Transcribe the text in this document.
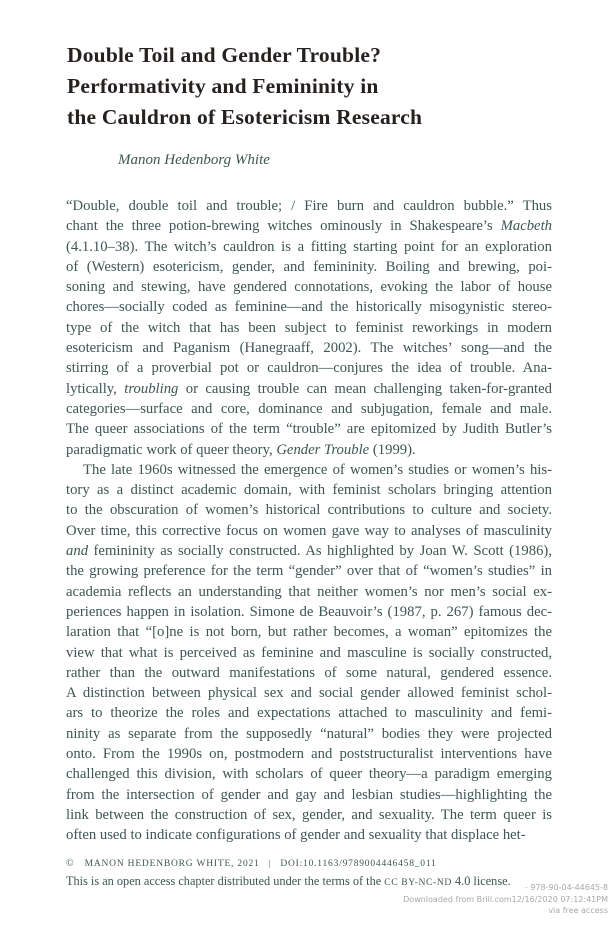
Double Toil and Gender Trouble?
Performativity and Femininity in
the Cauldron of Esotericism Research
Manon Hedenborg White
“Double, double toil and trouble; / Fire burn and cauldron bubble.” Thus
chant the three potion-brewing witches ominously in Shakespeare’s Macbeth
(4.1.10–38). The witch’s cauldron is a fitting starting point for an exploration
of (Western) esotericism, gender, and femininity. Boiling and brewing, poi-
soning and stewing, have gendered connotations, evoking the labor of house
chores—socially coded as feminine—and the historically misogynistic stereo-
type of the witch that has been subject to feminist reworkings in modern
esotericism and Paganism (Hanegraaff, 2002). The witches’ song—and the
stirring of a proverbial pot or cauldron—conjures the idea of trouble. Ana-
lytically, troubling or causing trouble can mean challenging taken-for-granted
categories—surface and core, dominance and subjugation, female and male.
The queer associations of the term “trouble” are epitomized by Judith Butler’s
paradigmatic work of queer theory, Gender Trouble (1999).
The late 1960s witnessed the emergence of women’s studies or women’s his-
tory as a distinct academic domain, with feminist scholars bringing attention
to the obscuration of women’s historical contributions to culture and society.
Over time, this corrective focus on women gave way to analyses of masculinity
and femininity as socially constructed. As highlighted by Joan W. Scott (1986),
the growing preference for the term “gender” over that of “women’s studies” in
academia reflects an understanding that neither women’s nor men’s social ex-
periences happen in isolation. Simone de Beauvoir’s (1987, p. 267) famous dec-
laration that “[o]ne is not born, but rather becomes, a woman” epitomizes the
view that what is perceived as feminine and masculine is socially constructed,
rather than the outward manifestations of some natural, gendered essence.
A distinction between physical sex and social gender allowed feminist schol-
ars to theorize the roles and expectations attached to masculinity and femi-
ninity as separate from the supposedly “natural” bodies they were projected
onto. From the 1990s on, postmodern and poststructuralist interventions have
challenged this division, with scholars of queer theory—a paradigm emerging
from the intersection of gender and gay and lesbian studies—highlighting the
link between the construction of sex, gender, and sexuality. The term queer is
often used to indicate configurations of gender and sexuality that displace het-
© MANON HEDENBORG WHITE, 2021 | DOI:10.1163/9789004446458_011
This is an open access chapter distributed under the terms of the CC BY-NC-ND 4.0 license.	- 978-90-04-44645-8
Downloaded from Brill.com12/16/2020 07:12:41PM
via free access
